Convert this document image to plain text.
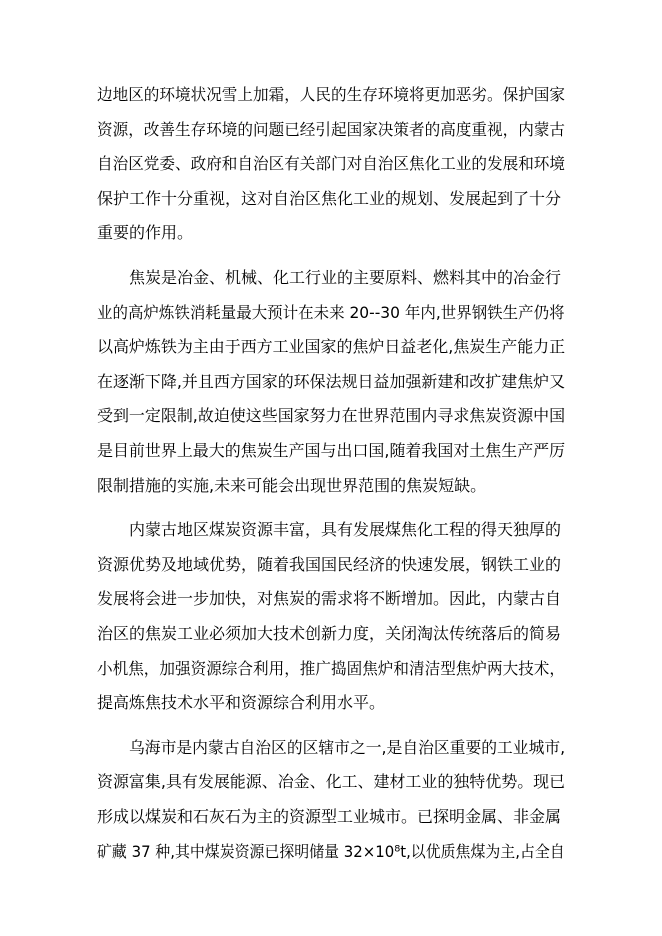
边地区的环境状况雪上加霜，人民的生存环境将更加恶劣。保护国家
资源，改善生存环境的问题已经引起国家决策者的高度重视，内蒙古
自治区党委、政府和自治区有关部门对自治区焦化工业的发展和环境
保护工作十分重视，这对自治区焦化工业的规划、发展起到了十分
重要的作用。
焦炭是冶金、机械、化工行业的主要原料、燃料其中的冶金行
业的高炉炼铁消耗量最大预计在未来 20--30 年内,世界钢铁生产仍将
以高炉炼铁为主由于西方工业国家的焦炉日益老化,焦炭生产能力正
在逐渐下降,并且西方国家的环保法规日益加强新建和改扩建焦炉又
受到一定限制,故迫使这些国家努力在世界范围内寻求焦炭资源中国
是目前世界上最大的焦炭生产国与出口国,随着我国对土焦生产严厉
限制措施的实施,未来可能会出现世界范围的焦炭短缺。
内蒙古地区煤炭资源丰富，具有发展煤焦化工程的得天独厚的
资源优势及地域优势，随着我国国民经济的快速发展，钢铁工业的
发展将会进一步加快，对焦炭的需求将不断增加。因此，内蒙古自
治区的焦炭工业必须加大技术创新力度，关闭淘汰传统落后的简易
小机焦，加强资源综合利用，推广捣固焦炉和清洁型焦炉两大技术，
提高炼焦技术水平和资源综合利用水平。
乌海市是内蒙古自治区的区辖市之一,是自治区重要的工业城市,
资源富集,具有发展能源、冶金、化工、建材工业的独特优势。现已
形成以煤炭和石灰石为主的资源型工业城市。已探明金属、非金属
矿藏 37 种,其中煤炭资源已探明储量 32×10⁸t,以优质焦煤为主,占全自
